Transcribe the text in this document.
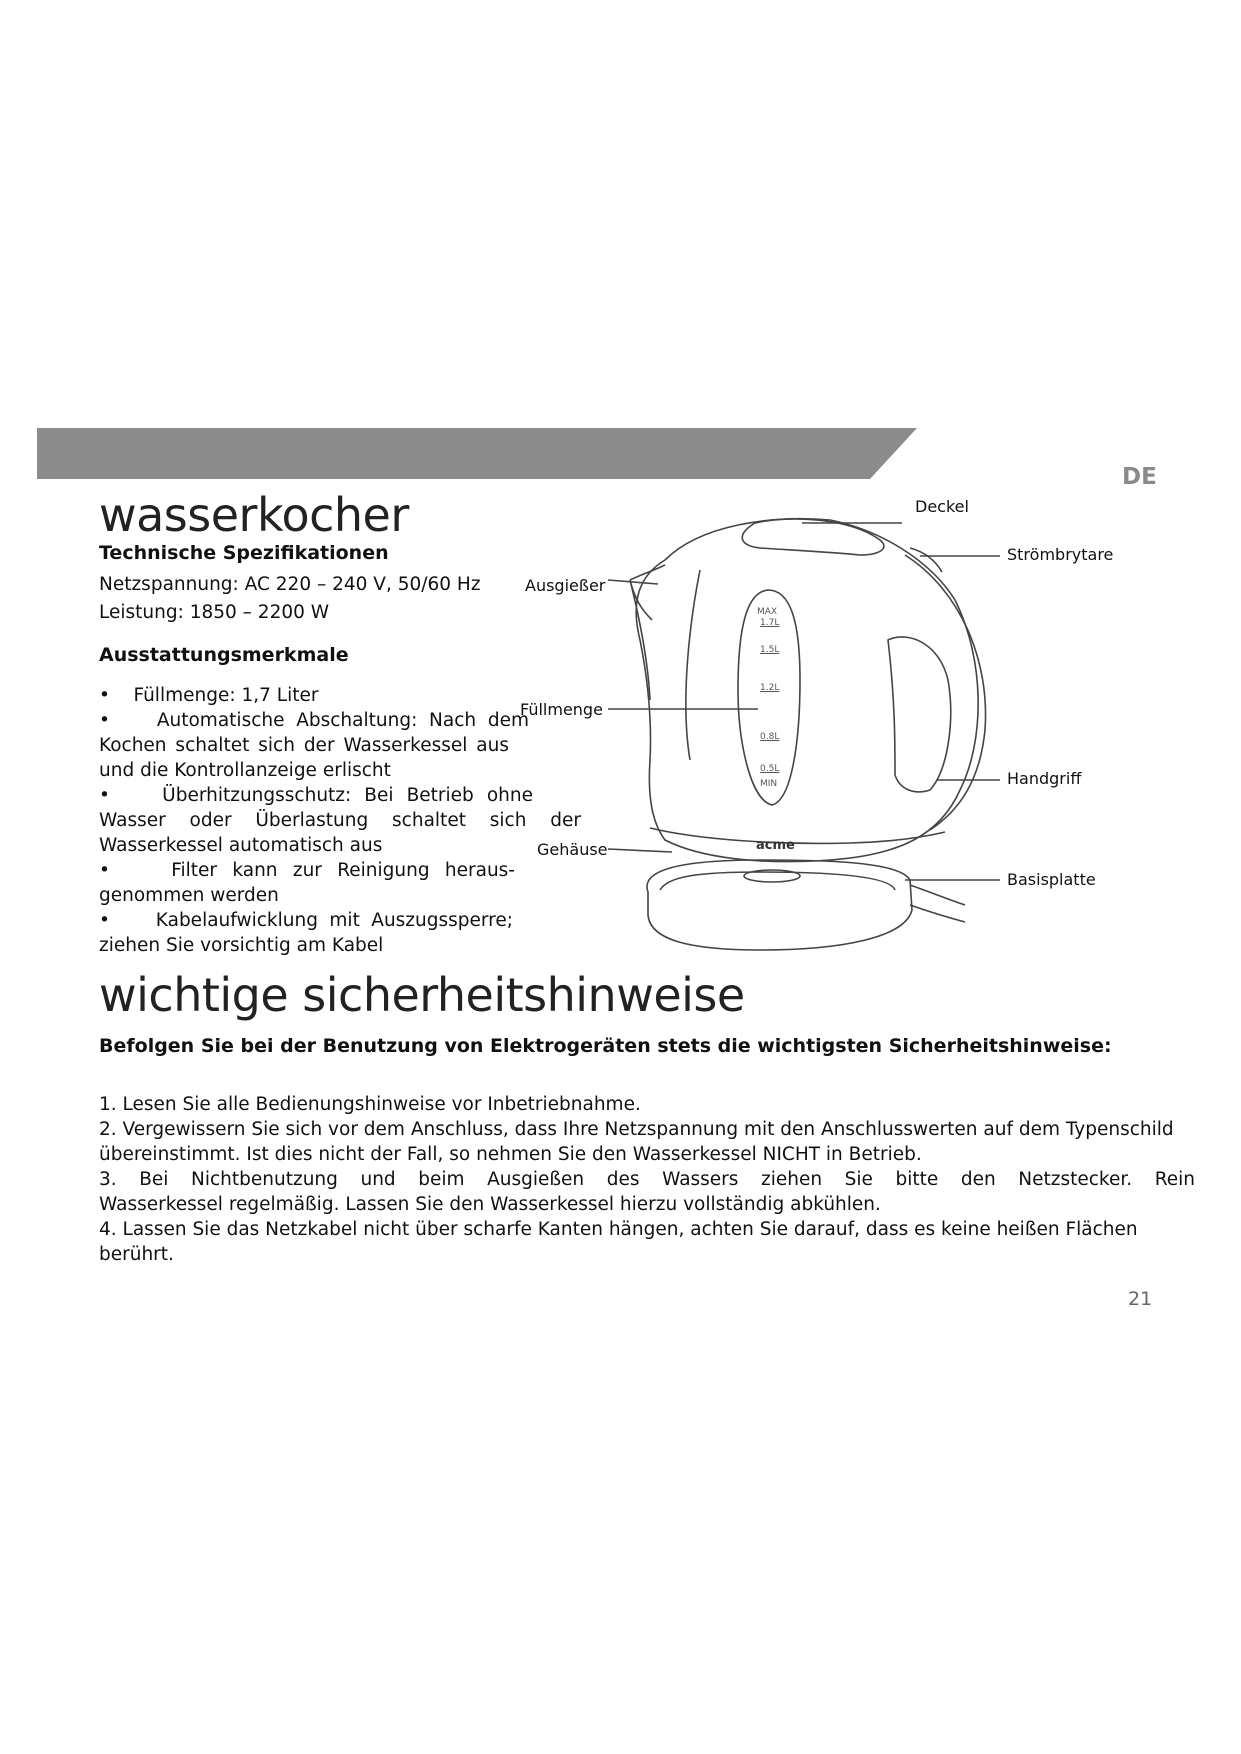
DE
wasserkocher
Technische Spezifikationen
Netzspannung: AC 220 – 240 V, 50/60 Hz
Leistung: 1850 – 2200 W
Ausstattungsmerkmale
• Füllmenge: 1,7 Liter
•	Automatische Abschaltung: Nach dem
Kochen schaltet sich der Wasserkessel aus
und die Kontrollanzeige erlischt
•	Überhitzungsschutz: Bei Betrieb ohne
Wasser oder Überlastung schaltet sich der
Wasserkessel automatisch aus
•	Filter kann zur Reinigung heraus-
genommen werden
• Kabelaufwicklung mit Auszugssperre;
ziehen Sie vorsichtig am Kabel
MAX
1.7L
1.5L
1.2L
0.8L
0.5L
MIN
acme
Deckel
Strömbrytare
Ausgießer
Füllmenge
Handgriff
Gehäuse
Basisplatte
wichtige sicherheitshinweise
Befolgen Sie bei der Benutzung von Elektrogeräten stets die wichtigsten Sicherheitshinweise:
1. Lesen Sie alle Bedienungshinweise vor Inbetriebnahme.
2. Vergewissern Sie sich vor dem Anschluss, dass Ihre Netzspannung mit den Anschlusswerten auf dem Typenschild
übereinstimmt. Ist dies nicht der Fall, so nehmen Sie den Wasserkessel NICHT in Betrieb.
3. Bei Nichtbenutzung und beim Ausgießen des Wassers ziehen Sie bitte den Netzstecker. Rein
Wasserkessel regelmäßig. Lassen Sie den Wasserkessel hierzu vollständig abkühlen.
4. Lassen Sie das Netzkabel nicht über scharfe Kanten hängen, achten Sie darauf, dass es keine heißen Flächen
berührt.
21
